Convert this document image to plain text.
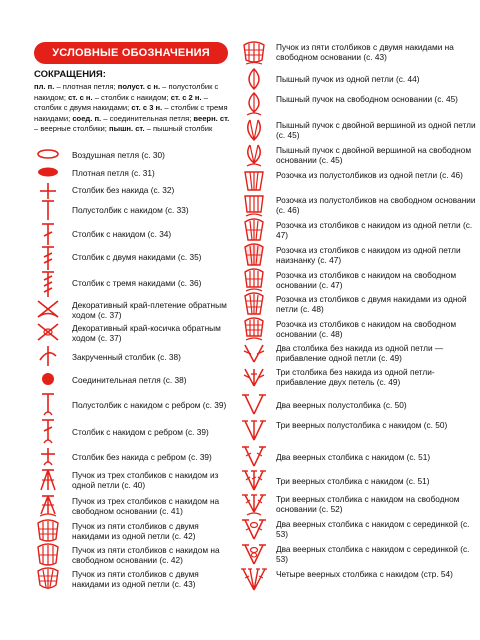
УСЛОВНЫЕ ОБОЗНАЧЕНИЯ ПЕТЕЛЬ
СОКРАЩЕНИЯ:
пл. п. – плотная петля; полуст. с н. – полустолбик с накидом; ст. с н. – столбик с накидом; ст. с 2 н. – столбик с двумя накидами; ст. с 3 н. – столбик с тремя накидами; соед. п. – соединительная петля; веерн. ст. – веерные столбики; пышн. ст. – пышный столбик
Воздушная петля (с. 30)
Плотная петля (с. 31)
Столбик без накида (с. 32)
Полустолбик с накидом (с. 33)
Столбик с накидом (с. 34)
Столбик с двумя накидами (с. 35)
Столбик с тремя накидами (с. 36)
Декоративный край-плетение обратным ходом (с. 37)
Декоративный край-косичка обратным ходом (с. 37)
Закрученный столбик (с. 38)
Соединительная петля (с. 38)
Полустолбик с накидом с ребром (с. 39)
Столбик с накидом с ребром (с. 39)
Столбик без накида с ребром (с. 39)
Пучок из трех столбиков с накидом из одной петли (с. 40)
Пучок из трех столбиков с накидом на свободном основании (с. 41)
Пучок из пяти столбиков с двумя накидами из одной петли (с. 42)
Пучок из пяти столбиков с накидом на свободном основании (с. 42)
Пучок из пяти столбиков с двумя накидами из одной петли (с. 43)
Пучок из пяти столбиков с двумя накидами на свободном основании (с. 43)
Пышный пучок из одной петли (с. 44)
Пышный пучок на свободном основании (с. 45)
Пышный пучок с двойной вершиной из одной петли (с. 45)
Пышный пучок с двойной вершиной на свободном основании (с. 45)
Розочка из полустолбиков из одной петли (с. 46)
Розочка из полустолбиков на свободном основании (с. 46)
Розочка из столбиков с накидом из одной петли (с. 47)
Розочка из столбиков с накидом из одной петли наизнанку (с. 47)
Розочка из столбиков с накидом на свободном основании (с. 47)
Розочка из столбиков с двумя накидами из одной петли (с. 48)
Розочка из столбиков с накидом на свободном основании (с. 48)
Два столбика без накида из одной петли — прибавление одной петли (с. 49)
Три столбика без накида из одной петли-прибавление двух петель (с. 49)
Два веерных полустолбика (с. 50)
Три веерных полустолбика с накидом (с. 50)
Два веерных столбика с накидом (с. 51)
Три веерных столбика с накидом (с. 51)
Три веерных столбика с накидом на свободном основании (с. 52)
Два веерных столбика с накидом с серединкой (с. 53)
Два веерных столбика с накидом с серединкой (с. 53)
Четыре веерных столбика с накидом (стр. 54)
